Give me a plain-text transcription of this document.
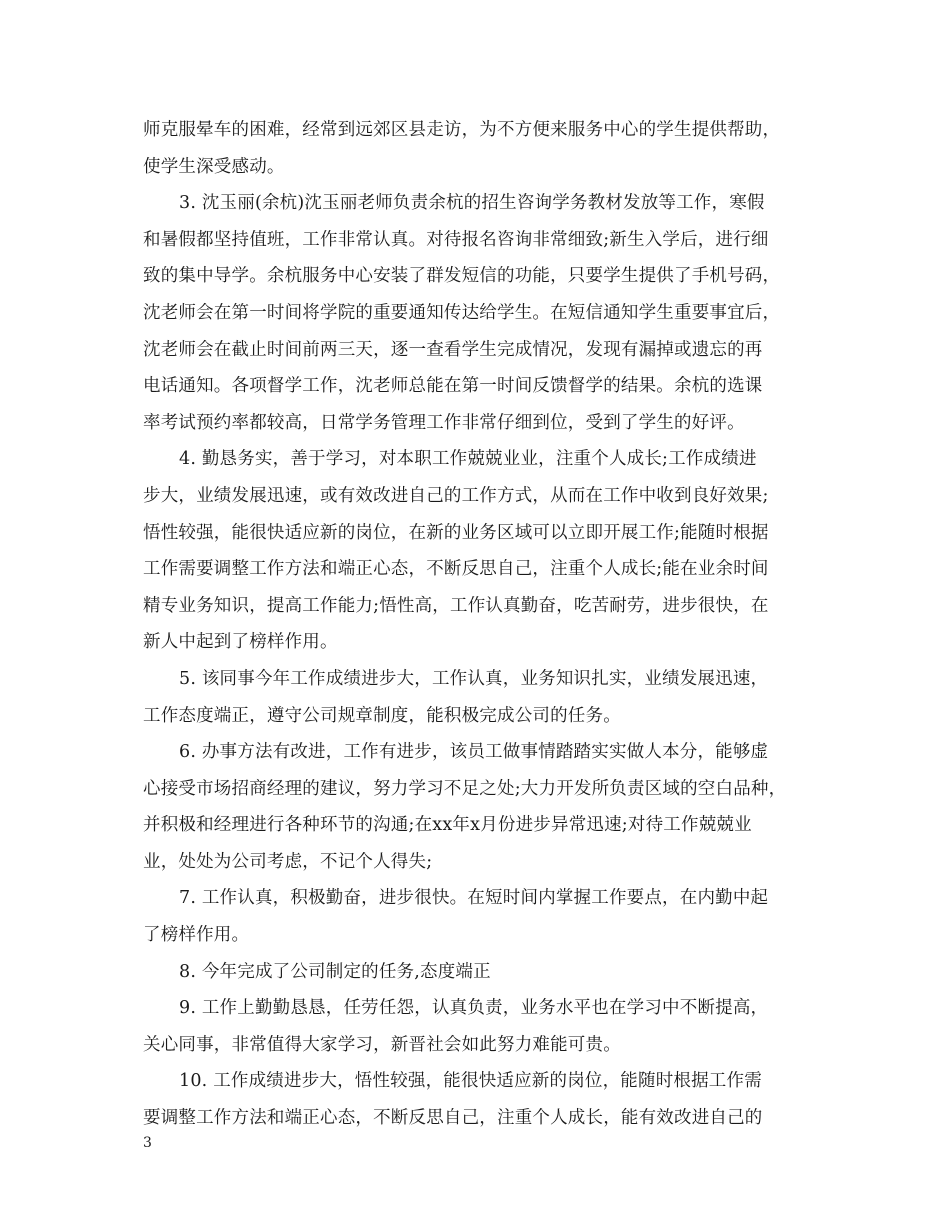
师克服晕车的困难，经常到远郊区县走访，为不方便来服务中心的学生提供帮助，
使学生深受感动。
3. 沈玉丽(余杭)沈玉丽老师负责余杭的招生咨询学务教材发放等工作，寒假
和暑假都坚持值班，工作非常认真。对待报名咨询非常细致;新生入学后，进行细
致的集中导学。余杭服务中心安装了群发短信的功能，只要学生提供了手机号码，
沈老师会在第一时间将学院的重要通知传达给学生。在短信通知学生重要事宜后，
沈老师会在截止时间前两三天，逐一查看学生完成情况，发现有漏掉或遗忘的再
电话通知。各项督学工作，沈老师总能在第一时间反馈督学的结果。余杭的选课
率考试预约率都较高，日常学务管理工作非常仔细到位，受到了学生的好评。
4. 勤恳务实，善于学习，对本职工作兢兢业业，注重个人成长;工作成绩进
步大，业绩发展迅速，或有效改进自己的工作方式，从而在工作中收到良好效果;
悟性较强，能很快适应新的岗位，在新的业务区域可以立即开展工作;能随时根据
工作需要调整工作方法和端正心态，不断反思自己，注重个人成长;能在业余时间
精专业务知识，提高工作能力;悟性高，工作认真勤奋，吃苦耐劳，进步很快，在
新人中起到了榜样作用。
5. 该同事今年工作成绩进步大，工作认真，业务知识扎实，业绩发展迅速，
工作态度端正，遵守公司规章制度，能积极完成公司的任务。
6. 办事方法有改进，工作有进步，该员工做事情踏踏实实做人本分，能够虚
心接受市场招商经理的建议，努力学习不足之处;大力开发所负责区域的空白品种，
并积极和经理进行各种环节的沟通;在xx年x月份进步异常迅速;对待工作兢兢业
业，处处为公司考虑，不记个人得失;
7. 工作认真，积极勤奋，进步很快。在短时间内掌握工作要点，在内勤中起
了榜样作用。
8. 今年完成了公司制定的任务,态度端正
9. 工作上勤勤恳恳，任劳任怨，认真负责，业务水平也在学习中不断提高，
关心同事，非常值得大家学习，新晋社会如此努力难能可贵。
10. 工作成绩进步大，悟性较强，能很快适应新的岗位，能随时根据工作需
要调整工作方法和端正心态，不断反思自己，注重个人成长，能有效改进自己的
3
